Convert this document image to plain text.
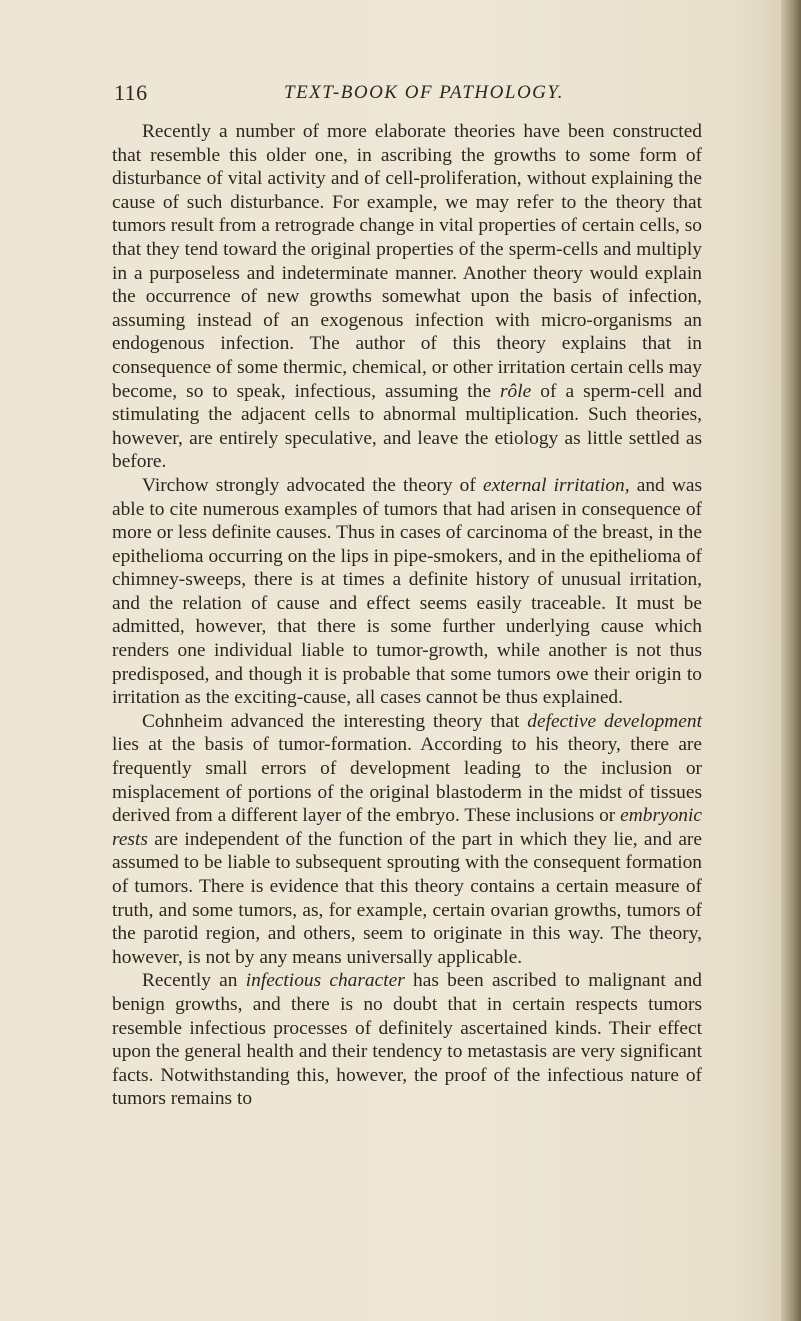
116	TEXT-BOOK OF PATHOLOGY.

Recently a number of more elaborate theories have been constructed that resemble this older one, in ascribing the growths to some form of disturbance of vital activity and of cell-proliferation, without explaining the cause of such disturbance. For example, we may refer to the theory that tumors result from a retrograde change in vital properties of certain cells, so that they tend toward the original properties of the sperm-cells and multiply in a purposeless and indeterminate manner. Another theory would explain the occurrence of new growths somewhat upon the basis of infection, assuming instead of an exogenous infection with micro-organisms an endogenous infection. The author of this theory explains that in consequence of some thermic, chemical, or other irritation certain cells may become, so to speak, infectious, assuming the rôle of a sperm-cell and stimulating the adjacent cells to abnormal multiplication. Such theories, however, are entirely speculative, and leave the etiology as little settled as before.

Virchow strongly advocated the theory of external irritation, and was able to cite numerous examples of tumors that had arisen in consequence of more or less definite causes. Thus in cases of carcinoma of the breast, in the epithelioma occurring on the lips in pipe-smokers, and in the epithelioma of chimney-sweeps, there is at times a definite history of unusual irritation, and the relation of cause and effect seems easily traceable. It must be admitted, however, that there is some further underlying cause which renders one individual liable to tumor-growth, while another is not thus predisposed, and though it is probable that some tumors owe their origin to irritation as the exciting-cause, all cases cannot be thus explained.

Cohnheim advanced the interesting theory that defective development lies at the basis of tumor-formation. According to his theory, there are frequently small errors of development leading to the inclusion or misplacement of portions of the original blastoderm in the midst of tissues derived from a different layer of the embryo. These inclusions or embryonic rests are independent of the function of the part in which they lie, and are assumed to be liable to subsequent sprouting with the consequent formation of tumors. There is evidence that this theory contains a certain measure of truth, and some tumors, as, for example, certain ovarian growths, tumors of the parotid region, and others, seem to originate in this way. The theory, however, is not by any means universally applicable.

Recently an infectious character has been ascribed to malignant and benign growths, and there is no doubt that in certain respects tumors resemble infectious processes of definitely ascertained kinds. Their effect upon the general health and their tendency to metastasis are very significant facts. Notwithstanding this, however, the proof of the infectious nature of tumors remains to
